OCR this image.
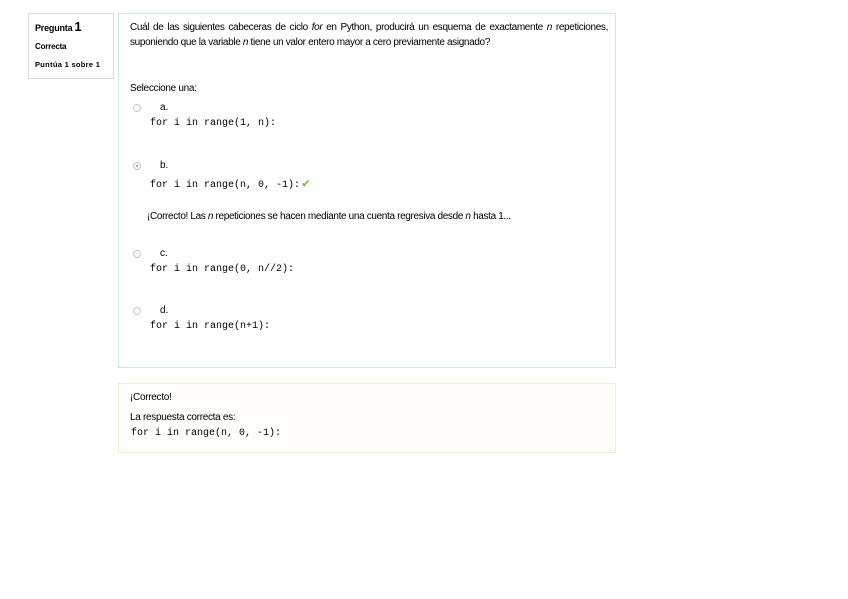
Pregunta 1
Correcta
Puntúa 1 sobre 1
Cuál de las siguientes cabeceras de ciclo for en Python, producirá un esquema de exactamente n repeticiones, suponiendo que la variable n tiene un valor entero mayor a cero previamente asignado?
Seleccione una:
a.
for i in range(1, n):
b.
for i in range(n, 0, -1): ✔
¡Correcto! Las n repeticiones se hacen mediante una cuenta regresiva desde n hasta 1...
c.
for i in range(0, n//2):
d.
for i in range(n+1):
¡Correcto!
La respuesta correcta es:
for i in range(n, 0, -1):
